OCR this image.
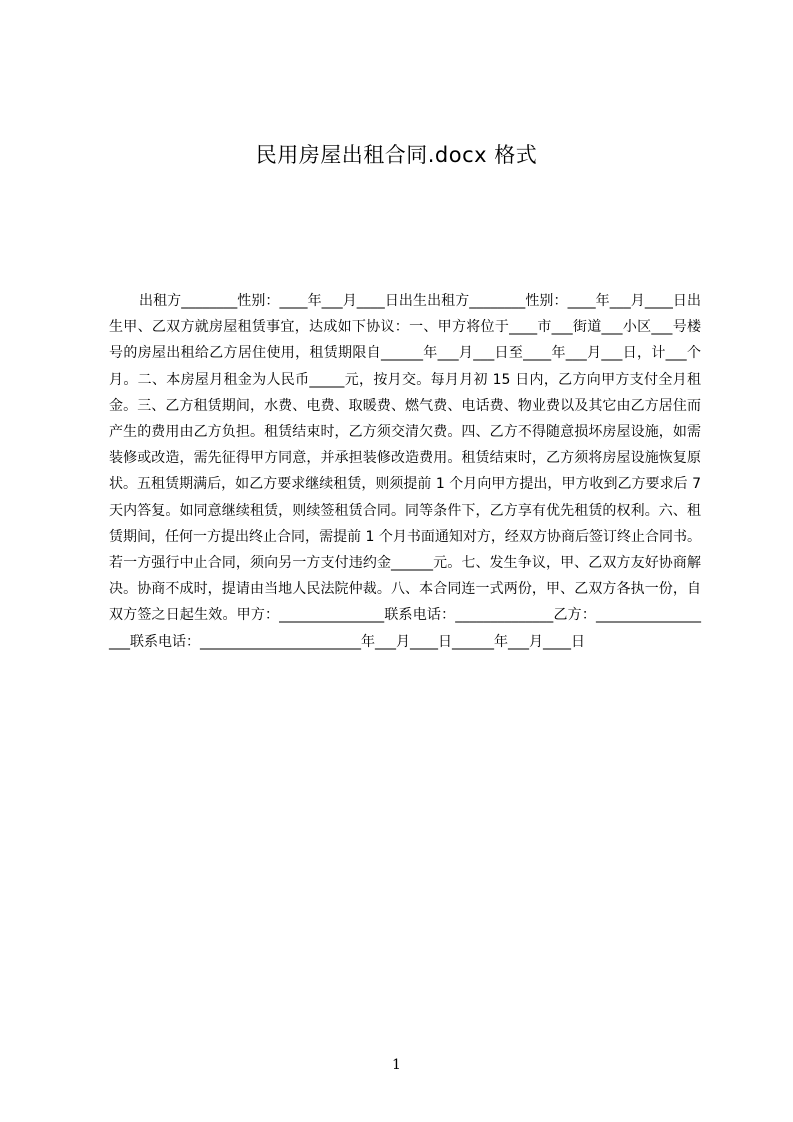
民用房屋出租合同.docx 格式

出租方________性别：____年___月____日出生出租方________性别：____年___月____日出生甲、乙双方就房屋租赁事宜，达成如下协议：一、甲方将位于____市___街道___小区___号楼号的房屋出租给乙方居住使用，租赁期限自______年___月___日至____年___月___日，计___个月。二、本房屋月租金为人民币_____元，按月交。每月月初 15 日内，乙方向甲方支付全月租金。三、乙方租赁期间，水费、电费、取暖费、燃气费、电话费、物业费以及其它由乙方居住而产生的费用由乙方负担。租赁结束时，乙方须交清欠费。四、乙方不得随意损坏房屋设施，如需装修或改造，需先征得甲方同意，并承担装修改造费用。租赁结束时，乙方须将房屋设施恢复原状。五租赁期满后，如乙方要求继续租赁，则须提前 1 个月向甲方提出，甲方收到乙方要求后 7 天内答复。如同意继续租赁，则续签租赁合同。同等条件下，乙方享有优先租赁的权利。六、租赁期间，任何一方提出终止合同，需提前 1 个月书面通知对方，经双方协商后签订终止合同书。若一方强行中止合同，须向另一方支付违约金______元。七、发生争议，甲、乙双方友好协商解决。协商不成时，提请由当地人民法院仲裁。八、本合同连一式两份，甲、乙双方各执一份，自双方签之日起生效。甲方：_______________联系电话：______________乙方：__________________联系电话：_______________________年___月____日______年___月____日

1
